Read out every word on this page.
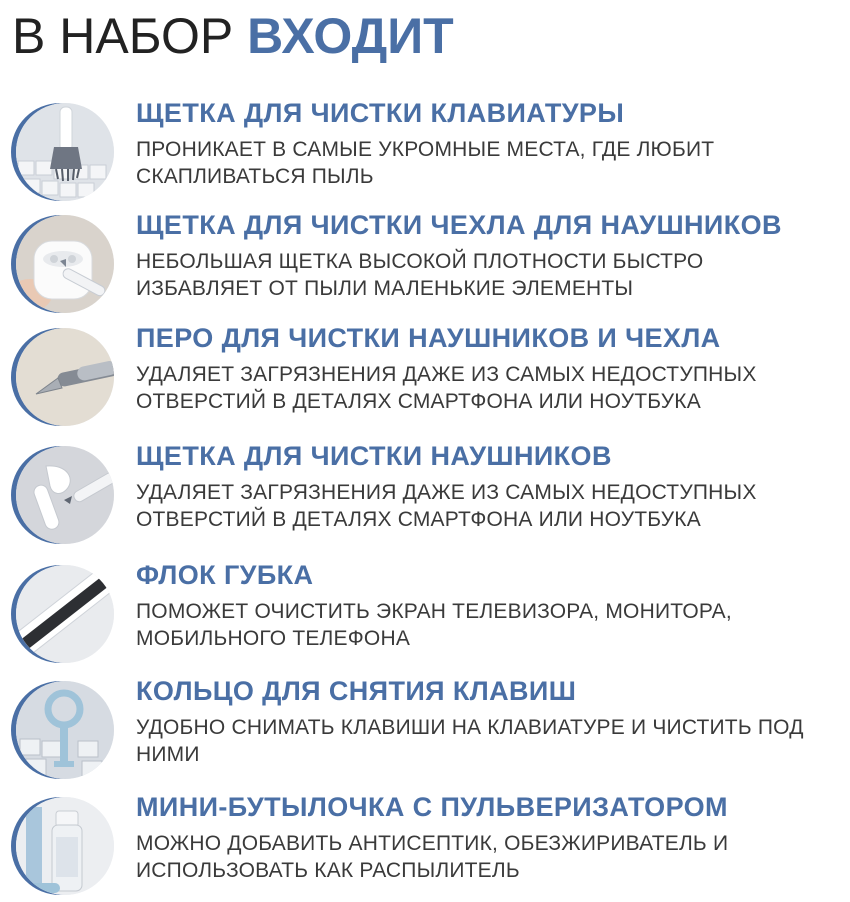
В НАБОР ВХОДИТ
ЩЕТКА ДЛЯ ЧИСТКИ КЛАВИАТУРЫ
ПРОНИКАЕТ В САМЫЕ УКРОМНЫЕ МЕСТА, ГДЕ ЛЮБИТ СКАПЛИВАТЬСЯ ПЫЛЬ
ЩЕТКА ДЛЯ ЧИСТКИ ЧЕХЛА ДЛЯ НАУШНИКОВ
НЕБОЛЬШАЯ ЩЕТКА ВЫСОКОЙ ПЛОТНОСТИ БЫСТРО ИЗБАВЛЯЕТ ОТ ПЫЛИ МАЛЕНЬКИЕ ЭЛЕМЕНТЫ
ПЕРО ДЛЯ ЧИСТКИ НАУШНИКОВ И ЧЕХЛА
УДАЛЯЕТ ЗАГРЯЗНЕНИЯ ДАЖЕ ИЗ САМЫХ НЕДОСТУПНЫХ ОТВЕРСТИЙ В ДЕТАЛЯХ СМАРТФОНА ИЛИ НОУТБУКА
ЩЕТКА ДЛЯ ЧИСТКИ НАУШНИКОВ
УДАЛЯЕТ ЗАГРЯЗНЕНИЯ ДАЖЕ ИЗ САМЫХ НЕДОСТУПНЫХ ОТВЕРСТИЙ В ДЕТАЛЯХ СМАРТФОНА ИЛИ НОУТБУКА
ФЛОК ГУБКА
ПОМОЖЕТ ОЧИСТИТЬ ЭКРАН ТЕЛЕВИЗОРА, МОНИТОРА, МОБИЛЬНОГО ТЕЛЕФОНА
КОЛЬЦО ДЛЯ СНЯТИЯ КЛАВИШ
УДОБНО СНИМАТЬ КЛАВИШИ НА КЛАВИАТУРЕ И ЧИСТИТЬ ПОД НИМИ
МИНИ-БУТЫЛОЧКА С ПУЛЬВЕРИЗАТОРОМ
МОЖНО ДОБАВИТЬ АНТИСЕПТИК, ОБЕЗЖИРИВАТЕЛЬ И ИСПОЛЬЗОВАТЬ КАК РАСПЫЛИТЕЛЬ
